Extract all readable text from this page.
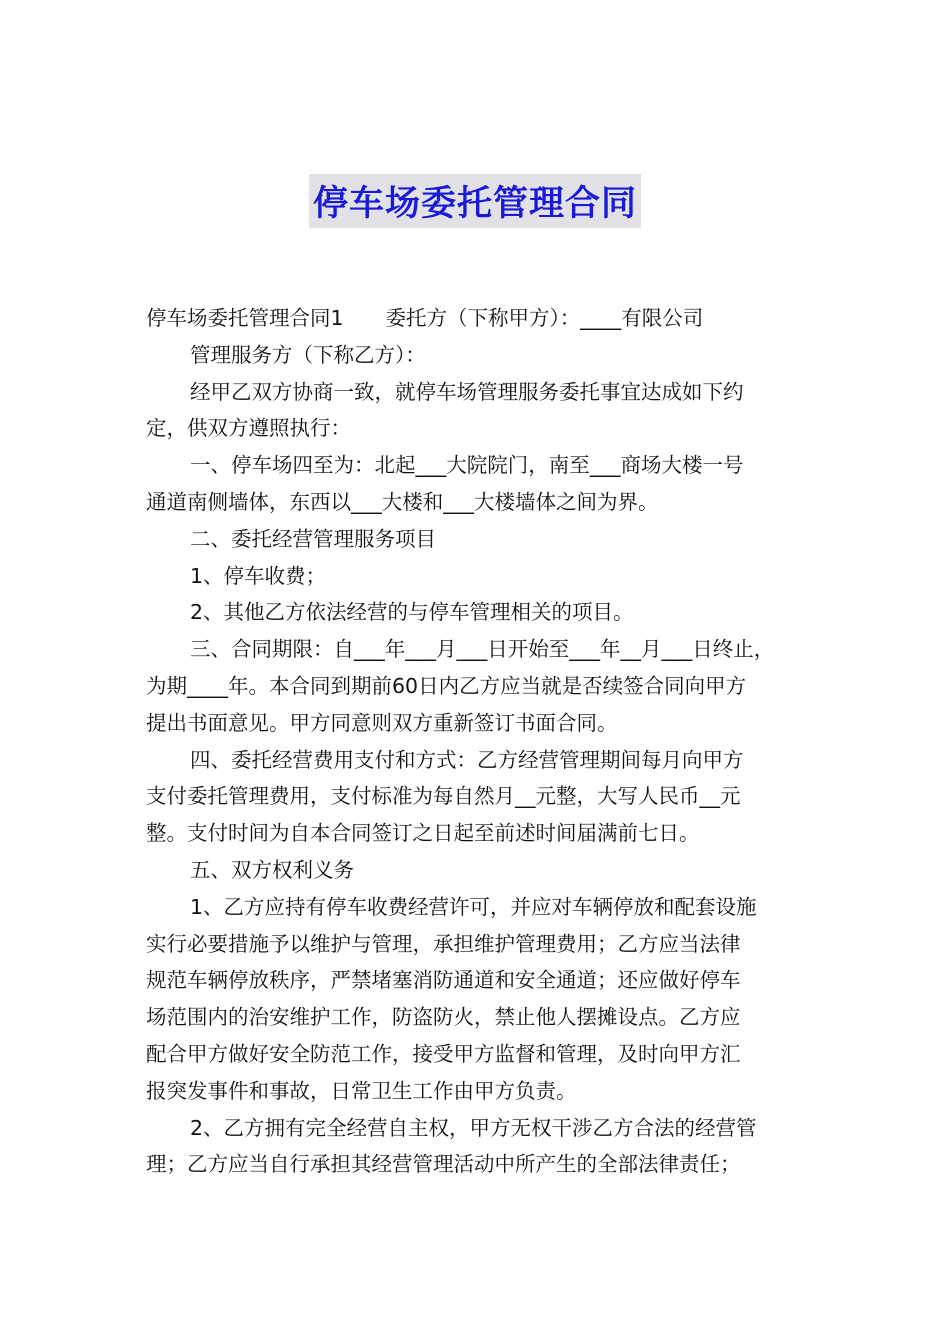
停车场委托管理合同
停车场委托管理合同1 委托方（下称甲方）：____有限公司
管理服务方（下称乙方）：
经甲乙双方协商一致，就停车场管理服务委托事宜达成如下约
定，供双方遵照执行：
一、停车场四至为：北起___大院院门，南至___商场大楼一号
通道南侧墙体，东西以___大楼和___大楼墙体之间为界。
二、委托经营管理服务项目
1、停车收费；
2、其他乙方依法经营的与停车管理相关的项目。
三、合同期限：自___年___月___日开始至___年__月___日终止，
为期____年。本合同到期前60日内乙方应当就是否续签合同向甲方
提出书面意见。甲方同意则双方重新签订书面合同。
四、委托经营费用支付和方式：乙方经营管理期间每月向甲方
支付委托管理费用，支付标准为每自然月__元整，大写人民币__元
整。支付时间为自本合同签订之日起至前述时间届满前七日。
五、双方权利义务
1、乙方应持有停车收费经营许可，并应对车辆停放和配套设施
实行必要措施予以维护与管理，承担维护管理费用；乙方应当法律
规范车辆停放秩序，严禁堵塞消防通道和安全通道；还应做好停车
场范围内的治安维护工作，防盗防火，禁止他人摆摊设点。乙方应
配合甲方做好安全防范工作，接受甲方监督和管理，及时向甲方汇
报突发事件和事故，日常卫生工作由甲方负责。
2、乙方拥有完全经营自主权，甲方无权干涉乙方合法的经营管
理；乙方应当自行承担其经营管理活动中所产生的全部法律责任；
